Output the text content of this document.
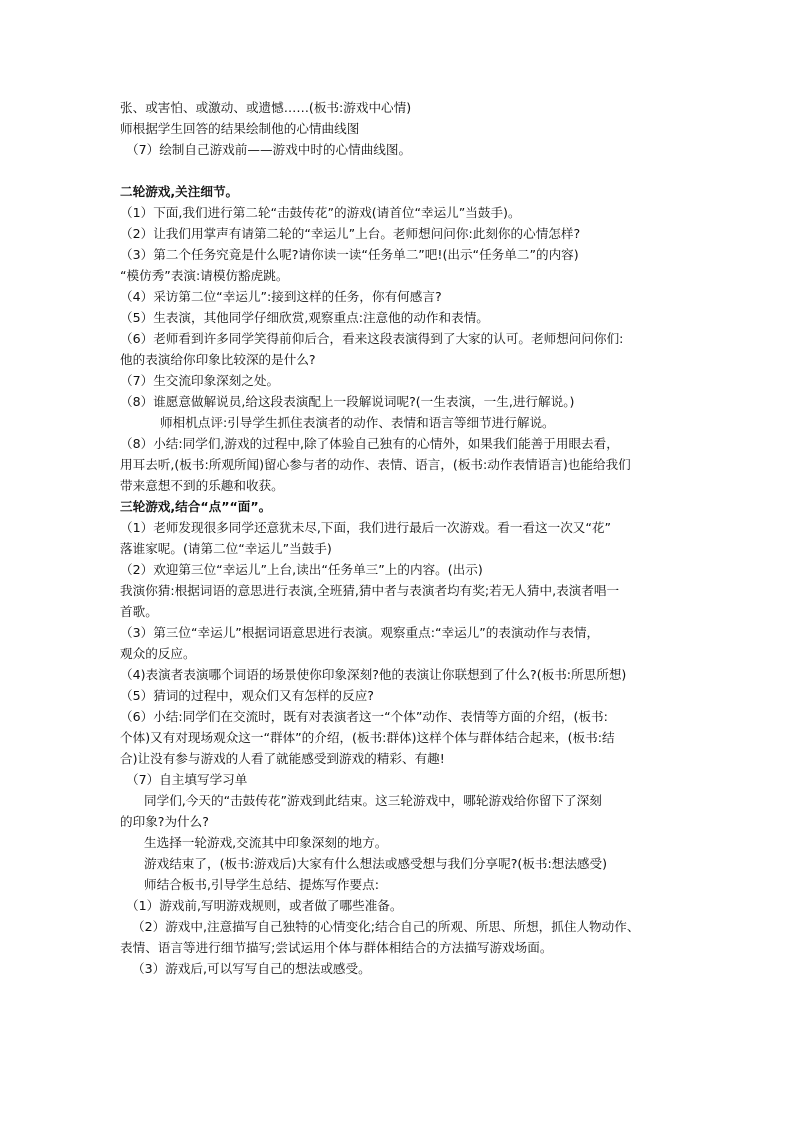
张、或害怕、或激动、或遗憾……(板书:游戏中心情)
师根据学生回答的结果绘制他的心情曲线图
（7）绘制自己游戏前——游戏中时的心情曲线图。
二轮游戏,关注细节。
（1）下面,我们进行第二轮“击鼓传花”的游戏(请首位“幸运儿”当鼓手)。
（2）让我们用掌声有请第二轮的“幸运儿”上台。老师想问问你:此刻你的心情怎样?
（3）第二个任务究竟是什么呢?请你读一读“任务单二”吧!(出示“任务单二”的内容)
“模仿秀”表演:请模仿豁虎跳。
（4）采访第二位“幸运儿”:接到这样的任务，你有何感言?
（5）生表演，其他同学仔细欣赏,观察重点:注意他的动作和表情。
（6）老师看到许多同学笑得前仰后合，看来这段表演得到了大家的认可。老师想问问你们:
他的表演给你印象比较深的是什么?
（7）生交流印象深刻之处。
（8）谁愿意做解说员,给这段表演配上一段解说词呢?(一生表演，一生,进行解说。)
师相机点评:引导学生抓住表演者的动作、表情和语言等细节进行解说。
（8）小结:同学们,游戏的过程中,除了体验自己独有的心情外，如果我们能善于用眼去看，
用耳去听,(板书:所观所闻)留心参与者的动作、表情、语言，(板书:动作表情语言)也能给我们
带来意想不到的乐趣和收获。
三轮游戏,结合“点”“面”。
（1）老师发现很多同学还意犹未尽,下面，我们进行最后一次游戏。看一看这一次又“花”
落谁家呢。(请第二位“幸运儿”当鼓手)
（2）欢迎第三位“幸运儿”上台,读出“任务单三”上的内容。(出示)
我演你猜:根据词语的意思进行表演,全班猜,猜中者与表演者均有奖;若无人猜中,表演者唱一
首歌。
（3）第三位“幸运儿”根据词语意思进行表演。观察重点:“幸运儿”的表演动作与表情，
观众的反应。
（4)表演者表演哪个词语的场景使你印象深刻?他的表演让你联想到了什么?(板书:所思所想)
（5）猜词的过程中，观众们又有怎样的反应?
（6）小结:同学们在交流时，既有对表演者这一“个体”动作、表情等方面的介绍，(板书:
个体)又有对现场观众这一“群体”的介绍，(板书:群体)这样个体与群体结合起来，(板书:结
合)让没有参与游戏的人看了就能感受到游戏的精彩、有趣!
（7）自主填写学习单
同学们,今天的“击鼓传花”游戏到此结束。这三轮游戏中，哪轮游戏给你留下了深刻
的印象?为什么?
生选择一轮游戏,交流其中印象深刻的地方。
游戏结束了，(板书:游戏后)大家有什么想法或感受想与我们分享呢?(板书:想法感受)
师结合板书,引导学生总结、提炼写作要点:
（1）游戏前,写明游戏规则，或者做了哪些准备。
（2）游戏中,注意描写自己独特的心情变化;结合自己的所观、所思、所想，抓住人物动作、
表情、语言等进行细节描写;尝试运用个体与群体相结合的方法描写游戏场面。
（3）游戏后,可以写写自己的想法或感受。
